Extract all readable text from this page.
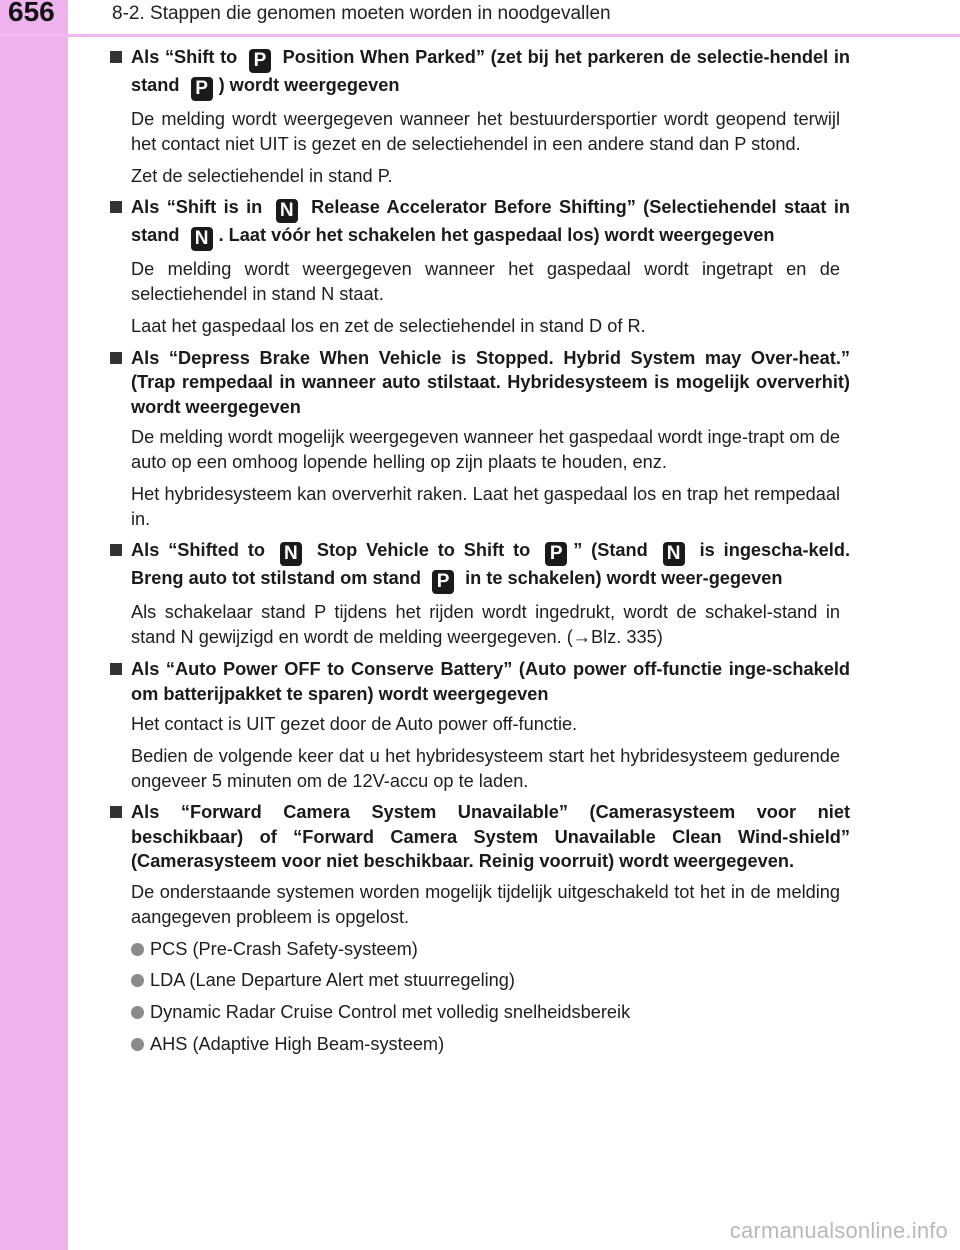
656	8-2. Stappen die genomen moeten worden in noodgevallen
Als “Shift to P Position When Parked” (zet bij het parkeren de selectie-hendel in stand P ) wordt weergegeven
De melding wordt weergegeven wanneer het bestuurdersportier wordt geopend terwijl het contact niet UIT is gezet en de selectiehendel in een andere stand dan P stond.
Zet de selectiehendel in stand P.
Als “Shift is in N Release Accelerator Before Shifting” (Selectiehendel staat in stand N . Laat vóór het schakelen het gaspedaal los) wordt weergegeven
De melding wordt weergegeven wanneer het gaspedaal wordt ingetrapt en de selectiehendel in stand N staat.
Laat het gaspedaal los en zet de selectiehendel in stand D of R.
Als “Depress Brake When Vehicle is Stopped. Hybrid System may Over-heat.” (Trap rempedaal in wanneer auto stilstaat. Hybridesysteem is mogelijk oververhit) wordt weergegeven
De melding wordt mogelijk weergegeven wanneer het gaspedaal wordt inge-trapt om de auto op een omhoog lopende helling op zijn plaats te houden, enz.
Het hybridesysteem kan oververhit raken. Laat het gaspedaal los en trap het rempedaal in.
Als “Shifted to N Stop Vehicle to Shift to P ” (Stand N is ingescha-keld. Breng auto tot stilstand om stand P in te schakelen) wordt weer-gegeven
Als schakelaar stand P tijdens het rijden wordt ingedrukt, wordt de schakel-stand in stand N gewijzigd en wordt de melding weergegeven. (→Blz. 335)
Als “Auto Power OFF to Conserve Battery” (Auto power off-functie inge-schakeld om batterijpakket te sparen) wordt weergegeven
Het contact is UIT gezet door de Auto power off-functie.
Bedien de volgende keer dat u het hybridesysteem start het hybridesysteem gedurende ongeveer 5 minuten om de 12V-accu op te laden.
Als “Forward Camera System Unavailable” (Camerasysteem voor niet beschikbaar) of “Forward Camera System Unavailable Clean Wind-shield” (Camerasysteem voor niet beschikbaar. Reinig voorruit) wordt weergegeven.
De onderstaande systemen worden mogelijk tijdelijk uitgeschakeld tot het in de melding aangegeven probleem is opgelost.
PCS (Pre-Crash Safety-systeem)
LDA (Lane Departure Alert met stuurregeling)
Dynamic Radar Cruise Control met volledig snelheidsbereik
AHS (Adaptive High Beam-systeem)
carmanualsonline.info
